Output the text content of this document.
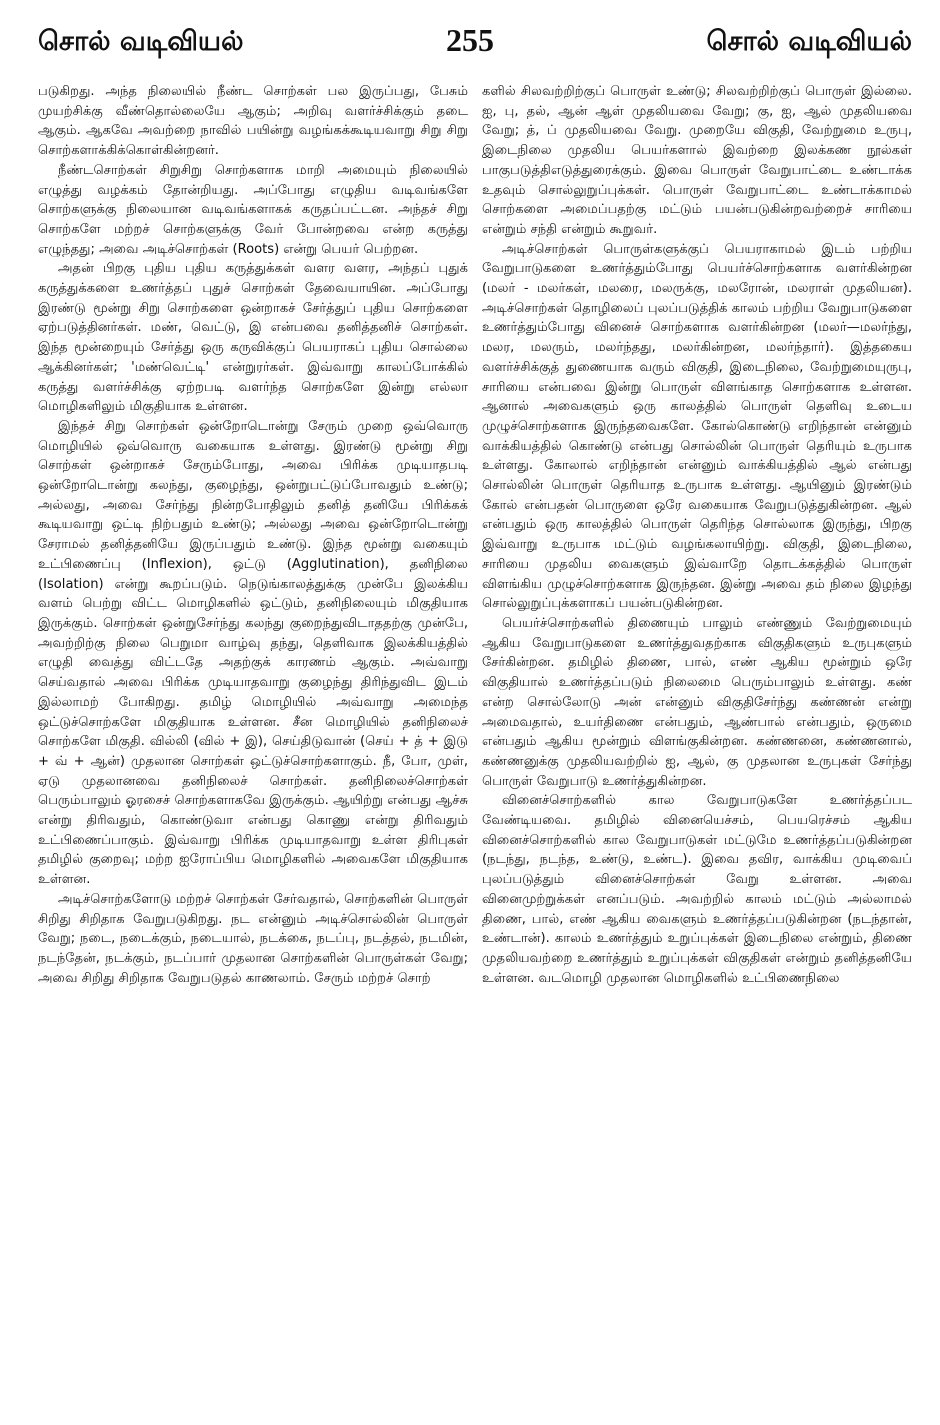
சொல் வடிவியல்	255	சொல் வடிவியல்

படுகிறது. அந்த நிலையில் நீண்ட சொற்கள் பல இருப்பது, பேசும் முயற்சிக்கு வீண்தொல்லையே ஆகும்; அறிவு வளர்ச்சிக்கும் தடை ஆகும். ஆகவே அவற்றை நாவில் பயின்று வழங்கக்கூடியவாறு சிறு சிறு சொற்களாக்கிக்கொள்கின்றனர்.

நீண்டசொற்கள் சிறுசிறு சொற்களாக மாறி அமையும் நிலையில் எழுத்து வழக்கம் தோன்றியது. அப்போது எழுதிய வடிவங்களே சொற்களுக்கு நிலையான வடிவங்களாகக் கருதப்பட்டன. அந்தச் சிறு சொற்களே மற்றச் சொற்களுக்கு வேர் போன்றவை என்ற கருத்து எழுந்தது; அவை அடிச்சொற்கள் (Roots) என்று பெயர் பெற்றன.

அதன் பிறகு புதிய புதிய கருத்துக்கள் வளர வளர, அந்தப் புதுக் கருத்துக்களை உணர்த்தப் புதுச் சொற்கள் தேவையாயின. அப்போது இரண்டு மூன்று சிறு சொற்களை ஒன்றாகச் சேர்த்துப் புதிய சொற்களை ஏற்படுத்தினர்கள். மண், வெட்டு, இ என்பவை தனித்தனிச் சொற்கள். இந்த மூன்றையும் சேர்த்து ஒரு கருவிக்குப் பெயராகப் புதிய சொல்லை ஆக்கினர்கள்; 'மண்வெட்டி' என்றுரர்கள். இவ்வாறு காலப்போக்கில் கருத்து வளர்ச்சிக்கு ஏற்றபடி வளர்ந்த சொற்களே இன்று எல்லா மொழிகளிலும் மிகுதியாக உள்ளன.

இந்தச் சிறு சொற்கள் ஒன்றோடொன்று சேரும் முறை ஒவ்வொரு மொழியில் ஒவ்வொரு வகையாக உள்ளது. இரண்டு மூன்று சிறு சொற்கள் ஒன்றாகச் சேரும்போது, அவை பிரிக்க முடியாதபடி ஒன்றோடொன்று கலந்து, குழைந்து, ஒன்றுபட்டுப்போவதும் உண்டு; அல்லது, அவை சேர்ந்து நின்றபோதிலும் தனித் தனியே பிரிக்கக் கூடியவாறு ஒட்டி நிற்பதும் உண்டு; அல்லது அவை ஒன்றோடொன்று சேராமல் தனித்தனியே இருப்பதும் உண்டு. இந்த மூன்று வகையும் உட்பிணைப்பு (Inflexion), ஒட்டு (Agglutination), தனிநிலை (Isolation) என்று கூறப்படும். நெடுங்காலத்துக்கு முன்பே இலக்கிய வளம் பெற்று விட்ட மொழிகளில் ஒட்டும், தனிநிலையும் மிகுதியாக இருக்கும். சொற்கள் ஒன்றுசேர்ந்து கலந்து குறைந்துவிடாததற்கு முன்பே, அவற்றிற்கு நிலை பெறுமா வாழ்வு தந்து, தெளிவாக இலக்கியத்தில் எழுதி வைத்து விட்டதே அதற்குக் காரணம் ஆகும். அவ்வாறு செய்வதால் அவை பிரிக்க முடியாதவாறு குழைந்து திரிந்துவிட இடம் இல்லாமற் போகிறது. தமிழ் மொழியில் அவ்வாறு அமைந்த ஒட்டுச்சொற்களே மிகுதியாக உள்ளன. சீன மொழியில் தனிநிலைச் சொற்களே மிகுதி. வில்லி (வில் + இ), செய்திடுவான் (செய் + த் + இடு + வ் + ஆன்) முதலான சொற்கள் ஒட்டுச்சொற்களாகும். நீ, போ, முள், ஏடு முதலானவை தனிநிலைச் சொற்கள். தனிநிலைச்சொற்கள் பெரும்பாலும் ஓரசைச் சொற்களாகவே இருக்கும். ஆயிற்று என்பது ஆச்சு என்று திரிவதும், கொண்டுவா என்பது கொணு என்று திரிவதும் உட்பிணைப்பாகும். இவ்வாறு பிரிக்க முடியாதவாறு உள்ள திரிபுகள் தமிழில் குறைவு; மற்ற ஐரோப்பிய மொழிகளில் அவைகளே மிகுதியாக உள்ளன.

அடிச்சொற்களோடு மற்றச் சொற்கள் சேர்வதால், சொற்களின் பொருள் சிறிது சிறிதாக வேறுபடுகிறது. நட என்னும் அடிச்சொல்லின் பொருள் வேறு; நடை, நடைக்கும், நடையால், நடக்கை, நடப்பு, நடத்தல், நடமின், நடந்தேன், நடக்கும், நடப்பார் முதலான சொற்களின் பொருள்கள் வேறு; அவை சிறிது சிறிதாக வேறுபடுதல் காணலாம். சேரும் மற்றச் சொற்

களில் சிலவற்றிற்குப் பொருள் உண்டு; சிலவற்றிற்குப் பொருள் இல்லை. ஐ, பு, தல், ஆன் ஆள் முதலியவை வேறு; கு, ஐ, ஆல் முதலியவை வேறு; த், ப் முதலியவை வேறு. முறையே விகுதி, வேற்றுமை உருபு, இடைநிலை முதலிய பெயர்களால் இவற்றை இலக்கண நூல்கள் பாகுபடுத்திஎடுத்துரைக்கும். இவை பொருள் வேறுபாட்டை உண்டாக்க உதவும் சொல்லுறுப்புக்கள். பொருள் வேறுபாட்டை உண்டாக்காமல் சொற்களை அமைப்பதற்கு மட்டும் பயன்படுகின்றவற்றைச் சாரியை என்றும் சந்தி என்றும் கூறுவர்.

அடிச்சொற்கள் பொருள்களுக்குப் பெயராகாமல் இடம் பற்றிய வேறுபாடுகளை உணர்த்தும்போது பெயர்ச்சொற்களாக வளர்கின்றன (மலர் - மலர்கள், மலரை, மலருக்கு, மலரோன், மலராள் முதலியன). அடிச்சொற்கள் தொழிலைப் புலப்படுத்திக் காலம் பற்றிய வேறுபாடுகளை உணர்த்தும்போது வினைச் சொற்களாக வளர்கின்றன (மலர்—மலர்ந்து, மலர, மலரும், மலர்ந்தது, மலர்கின்றன, மலர்ந்தார்). இத்தகைய வளர்ச்சிக்குத் துணையாக வரும் விகுதி, இடைநிலை, வேற்றுமையுருபு, சாரியை என்பவை இன்று பொருள் விளங்காத சொற்களாக உள்ளன. ஆனால் அவைகளும் ஒரு காலத்தில் பொருள் தெளிவு உடைய முழுச்சொற்களாக இருந்தவைகளே. கோல்கொண்டு எறிந்தான் என்னும் வாக்கியத்தில் கொண்டு என்பது சொல்லின் பொருள் தெரியும் உருபாக உள்ளது. கோலால் எறிந்தான் என்னும் வாக்கியத்தில் ஆல் என்பது சொல்லின் பொருள் தெரியாத உருபாக உள்ளது. ஆயினும் இரண்டும் கோல் என்பதன் பொருளை ஒரே வகையாக வேறுபடுத்துகின்றன. ஆல் என்பதும் ஒரு காலத்தில் பொருள் தெரிந்த சொல்லாக இருந்து, பிறகு இவ்வாறு உருபாக மட்டும் வழங்கலாயிற்று. விகுதி, இடைநிலை, சாரியை முதலிய வைகளும் இவ்வாறே தொடக்கத்தில் பொருள் விளங்கிய முழுச்சொற்களாக இருந்தன. இன்று அவை தம் நிலை இழந்து சொல்லுறுப்புக்களாகப் பயன்படுகின்றன.

பெயர்ச்சொற்களில் திணையும் பாலும் எண்ணும் வேற்றுமையும் ஆகிய வேறுபாடுகளை உணர்த்துவதற்காக விகுதிகளும் உருபுகளும் சேர்கின்றன. தமிழில் திணை, பால், எண் ஆகிய மூன்றும் ஒரே விகுதியால் உணர்த்தப்படும் நிலைமை பெரும்பாலும் உள்ளது. கண் என்ற சொல்லோடு அன் என்னும் விகுதிசேர்ந்து கண்ணன் என்று அமைவதால், உயர்திணை என்பதும், ஆண்பால் என்பதும், ஒருமை என்பதும் ஆகிய மூன்றும் விளங்குகின்றன. கண்ணனை, கண்ணனால், கண்ணனுக்கு முதலியவற்றில் ஐ, ஆல், கு முதலான உருபுகள் சேர்ந்து பொருள் வேறுபாடு உணர்த்துகின்றன.

வினைச்சொற்களில் கால வேறுபாடுகளே உணர்த்தப்பட வேண்டியவை. தமிழில் வினையெச்சம், பெயரெச்சம் ஆகிய வினைச்சொற்களில் கால வேறுபாடுகள் மட்டுமே உணர்த்தப்படுகின்றன (நடந்து, நடந்த, உண்டு, உண்ட). இவை தவிர, வாக்கிய முடிவைப் புலப்படுத்தும் வினைச்சொற்கள் வேறு உள்ளன. அவை வினைமுற்றுக்கள் எனப்படும். அவற்றில் காலம் மட்டும் அல்லாமல் திணை, பால், எண் ஆகிய வைகளும் உணர்த்தப்படுகின்றன (நடந்தான், உண்டான்). காலம் உணர்த்தும் உறுப்புக்கள் இடைநிலை என்றும், திணை முதலியவற்றை உணர்த்தும் உறுப்புக்கள் விகுதிகள் என்றும் தனித்தனியே உள்ளன. வடமொழி முதலான மொழிகளில் உட்பிணைநிலை
